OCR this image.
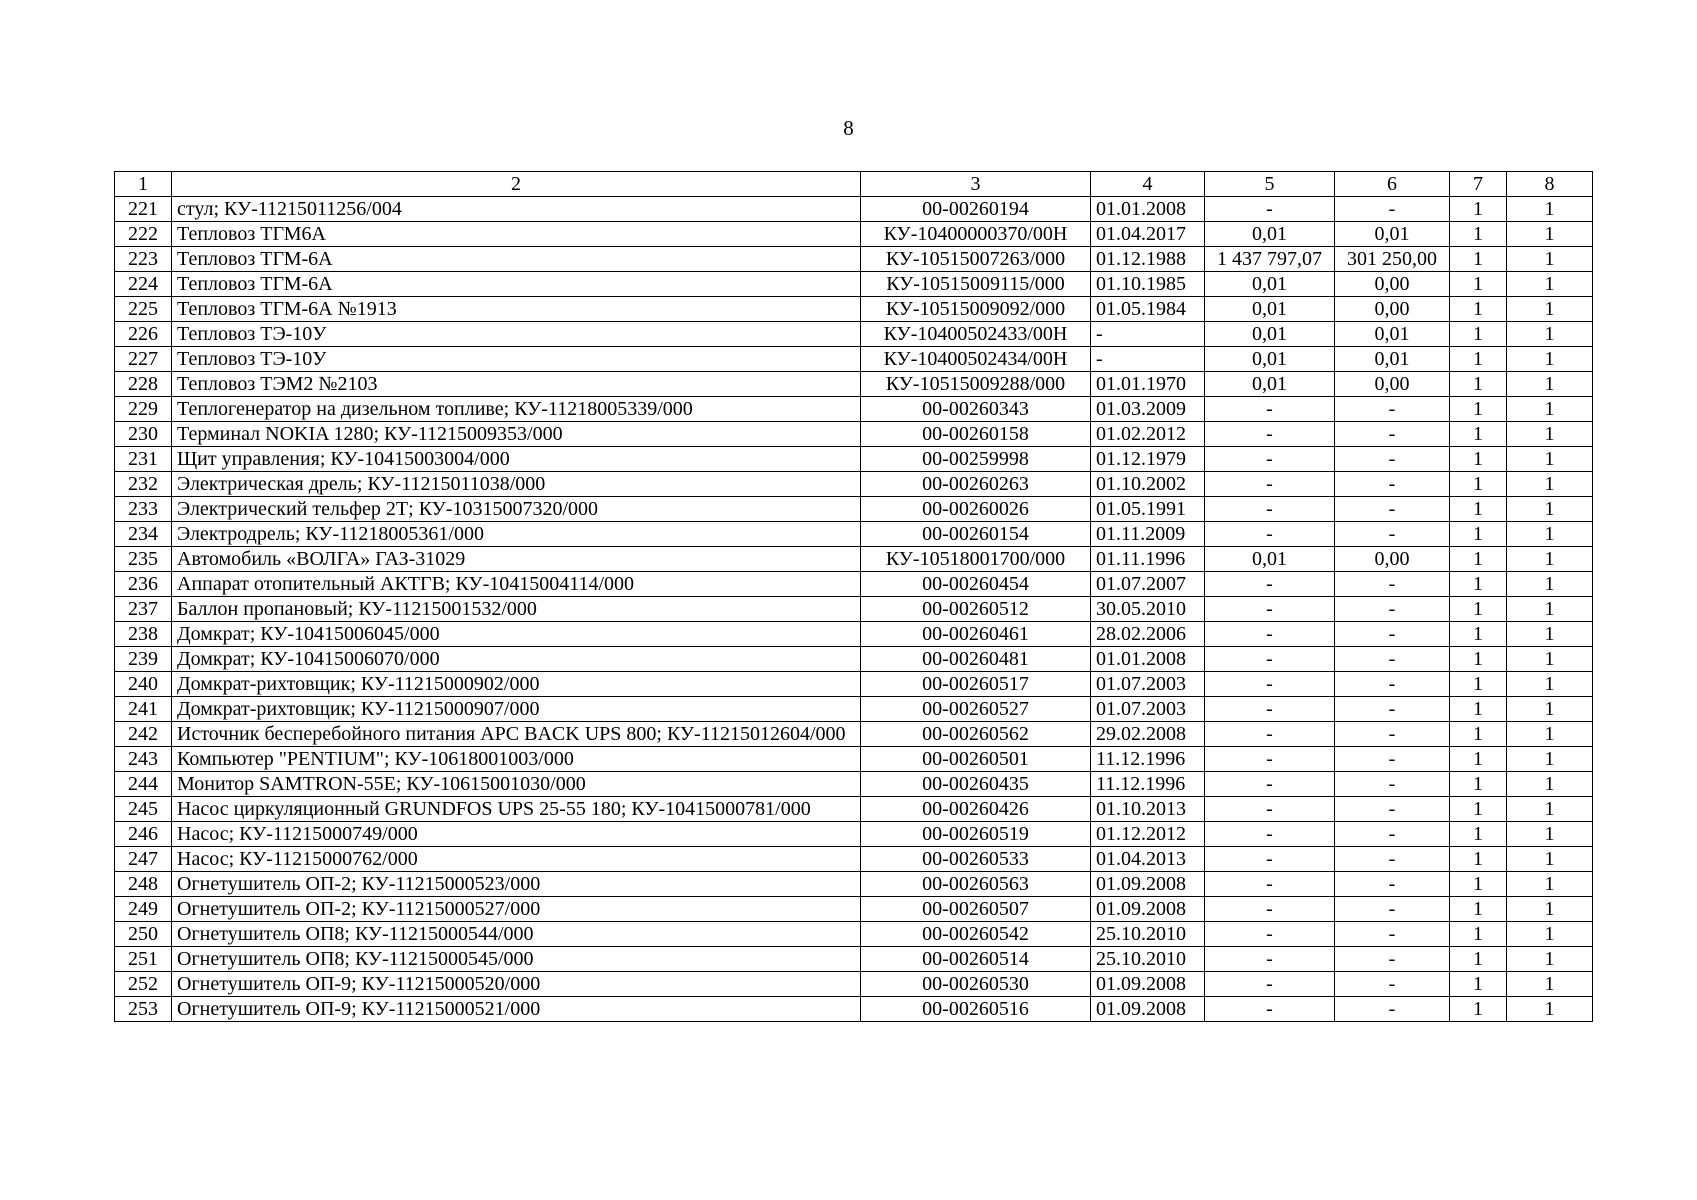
8
1	2	3	4	5	6	7	8
221	стул; КУ-11215011256/004	00-00260194	01.01.2008	-	-	1	1
222	Тепловоз ТГМ6А	КУ-10400000370/00Н	01.04.2017	0,01	0,01	1	1
223	Тепловоз ТГМ-6А	КУ-10515007263/000	01.12.1988	1 437 797,07	301 250,00	1	1
224	Тепловоз ТГМ-6А	КУ-10515009115/000	01.10.1985	0,01	0,00	1	1
225	Тепловоз ТГМ-6А №1913	КУ-10515009092/000	01.05.1984	0,01	0,00	1	1
226	Тепловоз ТЭ-10У	КУ-10400502433/00Н	-	0,01	0,01	1	1
227	Тепловоз ТЭ-10У	КУ-10400502434/00Н	-	0,01	0,01	1	1
228	Тепловоз ТЭМ2 №2103	КУ-10515009288/000	01.01.1970	0,01	0,00	1	1
229	Теплогенератор на дизельном топливе; КУ-11218005339/000	00-00260343	01.03.2009	-	-	1	1
230	Терминал NOKIA 1280; КУ-11215009353/000	00-00260158	01.02.2012	-	-	1	1
231	Щит управления; КУ-10415003004/000	00-00259998	01.12.1979	-	-	1	1
232	Электрическая дрель; КУ-11215011038/000	00-00260263	01.10.2002	-	-	1	1
233	Электрический тельфер 2Т; КУ-10315007320/000	00-00260026	01.05.1991	-	-	1	1
234	Электродрель; КУ-11218005361/000	00-00260154	01.11.2009	-	-	1	1
235	Автомобиль «ВОЛГА» ГАЗ-31029	КУ-10518001700/000	01.11.1996	0,01	0,00	1	1
236	Аппарат отопительный АКТГВ; КУ-10415004114/000	00-00260454	01.07.2007	-	-	1	1
237	Баллон пропановый; КУ-11215001532/000	00-00260512	30.05.2010	-	-	1	1
238	Домкрат; КУ-10415006045/000	00-00260461	28.02.2006	-	-	1	1
239	Домкрат; КУ-10415006070/000	00-00260481	01.01.2008	-	-	1	1
240	Домкрат-рихтовщик; КУ-11215000902/000	00-00260517	01.07.2003	-	-	1	1
241	Домкрат-рихтовщик; КУ-11215000907/000	00-00260527	01.07.2003	-	-	1	1
242	Источник бесперебойного питания APC BACK UPS 800; КУ-11215012604/000	00-00260562	29.02.2008	-	-	1	1
243	Компьютер "PENTIUM"; КУ-10618001003/000	00-00260501	11.12.1996	-	-	1	1
244	Монитор SAMTRON-55E; КУ-10615001030/000	00-00260435	11.12.1996	-	-	1	1
245	Насос циркуляционный GRUNDFOS UPS 25-55 180; КУ-10415000781/000	00-00260426	01.10.2013	-	-	1	1
246	Насос; КУ-11215000749/000	00-00260519	01.12.2012	-	-	1	1
247	Насос; КУ-11215000762/000	00-00260533	01.04.2013	-	-	1	1
248	Огнетушитель ОП-2; КУ-11215000523/000	00-00260563	01.09.2008	-	-	1	1
249	Огнетушитель ОП-2; КУ-11215000527/000	00-00260507	01.09.2008	-	-	1	1
250	Огнетушитель ОП8; КУ-11215000544/000	00-00260542	25.10.2010	-	-	1	1
251	Огнетушитель ОП8; КУ-11215000545/000	00-00260514	25.10.2010	-	-	1	1
252	Огнетушитель ОП-9; КУ-11215000520/000	00-00260530	01.09.2008	-	-	1	1
253	Огнетушитель ОП-9; КУ-11215000521/000	00-00260516	01.09.2008	-	-	1	1
